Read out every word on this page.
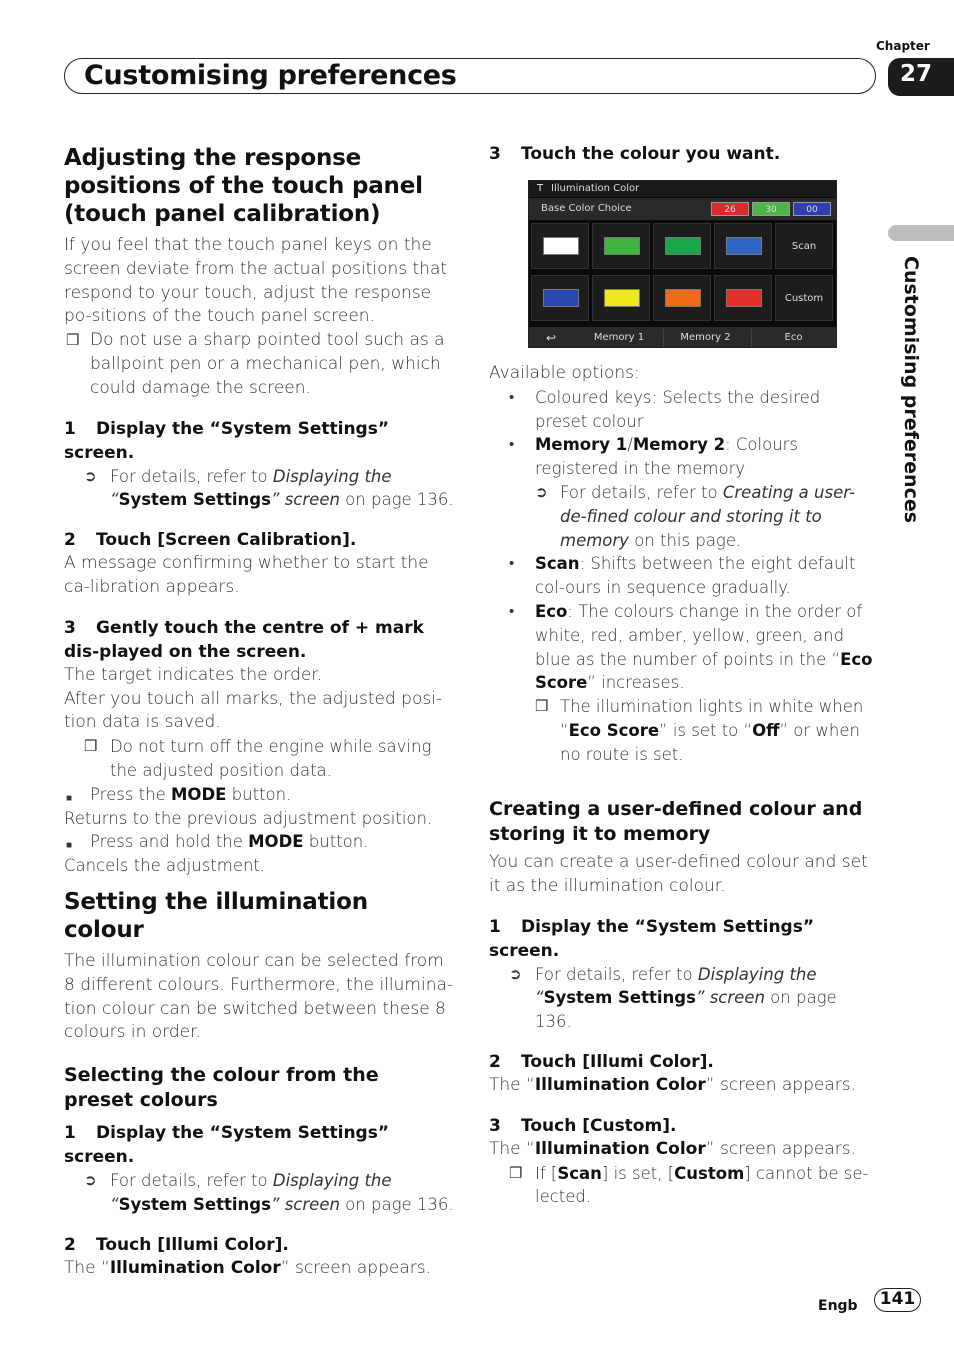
Customising preferences
Chapter
27
Customising preferences
Adjusting the response positions of the touch panel (touch panel calibration)
If you feel that the touch panel keys on the screen deviate from the actual positions that respond to your touch, adjust the response po-sitions of the touch panel screen.
❒ Do not use a sharp pointed tool such as a ballpoint pen or a mechanical pen, which could damage the screen.
1 Display the “System Settings” screen.
➲ For details, refer to Displaying the “System Settings” screen on page 136.
2 Touch [Screen Calibration].
A message confirming whether to start the ca-libration appears.
3 Gently touch the centre of + mark dis-played on the screen.
The target indicates the order.
After you touch all marks, the adjusted posi-tion data is saved.
❒ Do not turn off the engine while saving the adjusted position data.
■ Press the MODE button.
Returns to the previous adjustment position.
■ Press and hold the MODE button.
Cancels the adjustment.
Setting the illumination colour
The illumination colour can be selected from 8 different colours. Furthermore, the illumina-tion colour can be switched between these 8 colours in order.
Selecting the colour from the preset colours
1 Display the “System Settings” screen.
➲ For details, refer to Displaying the “System Settings” screen on page 136.
2 Touch [Illumi Color].
The “Illumination Color” screen appears.
3 Touch the colour you want.
T Illumination Color
Base Color Choice	26	30	00
Scan
Custom
↩	Memory 1	Memory 2	Eco
Available options:
• Coloured keys: Selects the desired preset colour
• Memory 1/Memory 2: Colours registered in the memory
➲ For details, refer to Creating a user-de-fined colour and storing it to memory on this page.
• Scan: Shifts between the eight default col-ours in sequence gradually.
• Eco: The colours change in the order of white, red, amber, yellow, green, and blue as the number of points in the “Eco Score” increases.
❒ The illumination lights in white when “Eco Score” is set to “Off” or when no route is set.
Creating a user-defined colour and storing it to memory
You can create a user-defined colour and set it as the illumination colour.
1 Display the “System Settings” screen.
➲ For details, refer to Displaying the “System Settings” screen on page 136.
2 Touch [Illumi Color].
The “Illumination Color” screen appears.
3 Touch [Custom].
The “Illumination Color” screen appears.
❒ If [Scan] is set, [Custom] cannot be se-lected.
Engb	141
